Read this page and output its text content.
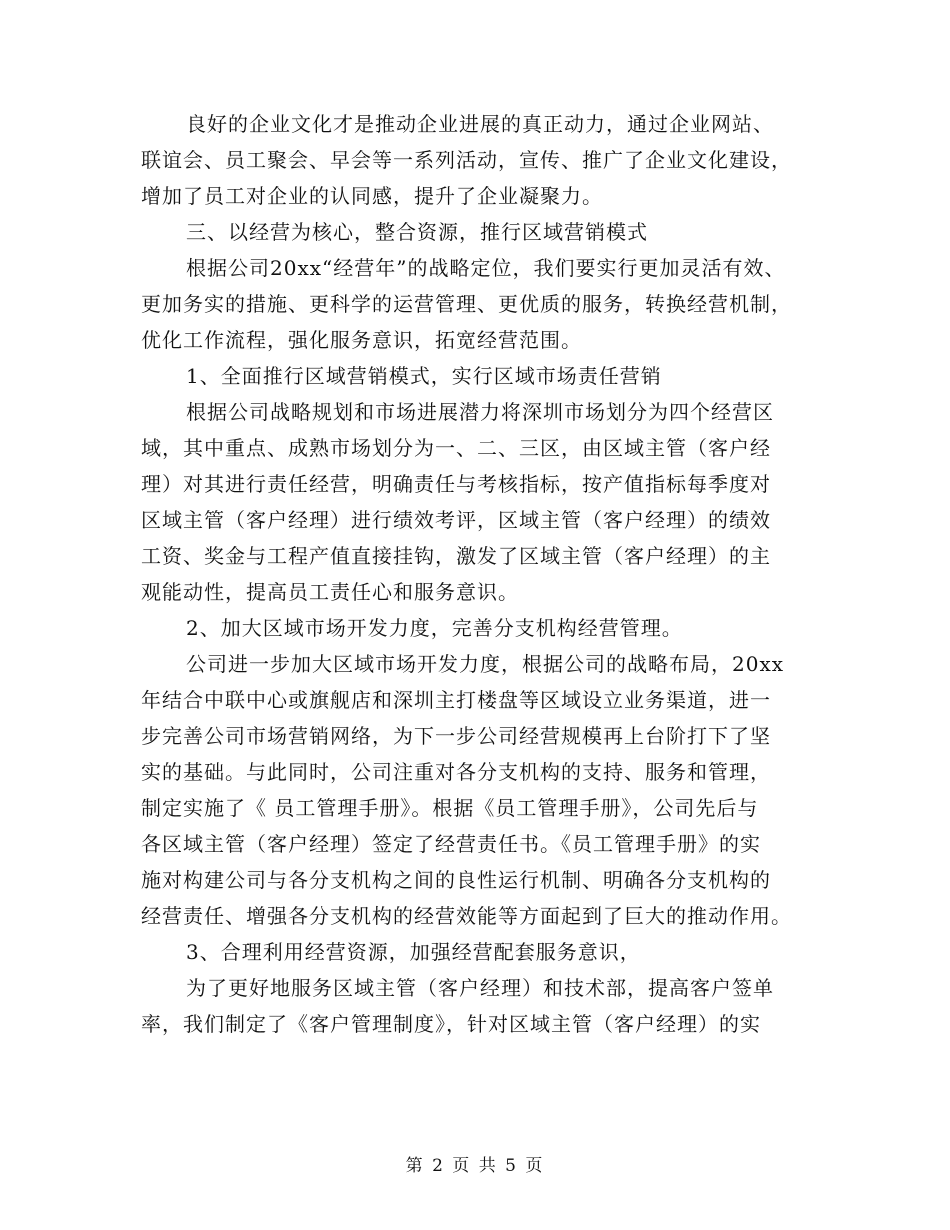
良好的企业文化才是推动企业进展的真正动力，通过企业网站、
联谊会、员工聚会、早会等一系列活动，宣传、推广了企业文化建设，
增加了员工对企业的认同感，提升了企业凝聚力。
三、以经营为核心，整合资源，推行区域营销模式
根据公司20xx“经营年”的战略定位，我们要实行更加灵活有效、
更加务实的措施、更科学的运营管理、更优质的服务，转换经营机制，
优化工作流程，强化服务意识，拓宽经营范围。
1、全面推行区域营销模式，实行区域市场责任营销
根据公司战略规划和市场进展潜力将深圳市场划分为四个经营区
域，其中重点、成熟市场划分为一、二、三区，由区域主管（客户经
理）对其进行责任经营，明确责任与考核指标，按产值指标每季度对
区域主管（客户经理）进行绩效考评，区域主管（客户经理）的绩效
工资、奖金与工程产值直接挂钩，激发了区域主管（客户经理）的主
观能动性，提高员工责任心和服务意识。
2、加大区域市场开发力度，完善分支机构经营管理。
公司进一步加大区域市场开发力度，根据公司的战略布局，20xx
年结合中联中心或旗舰店和深圳主打楼盘等区域设立业务渠道，进一
步完善公司市场营销网络，为下一步公司经营规模再上台阶打下了坚
实的基础。与此同时，公司注重对各分支机构的支持、服务和管理，
制定实施了《 员工管理手册》。根据《员工管理手册》，公司先后与
各区域主管（客户经理）签定了经营责任书。《员工管理手册》的实
施对构建公司与各分支机构之间的良性运行机制、明确各分支机构的
经营责任、增强各分支机构的经营效能等方面起到了巨大的推动作用。
3、合理利用经营资源，加强经营配套服务意识，
为了更好地服务区域主管（客户经理）和技术部，提高客户签单
率，我们制定了《客户管理制度》，针对区域主管（客户经理）的实
第 2 页 共 5 页
